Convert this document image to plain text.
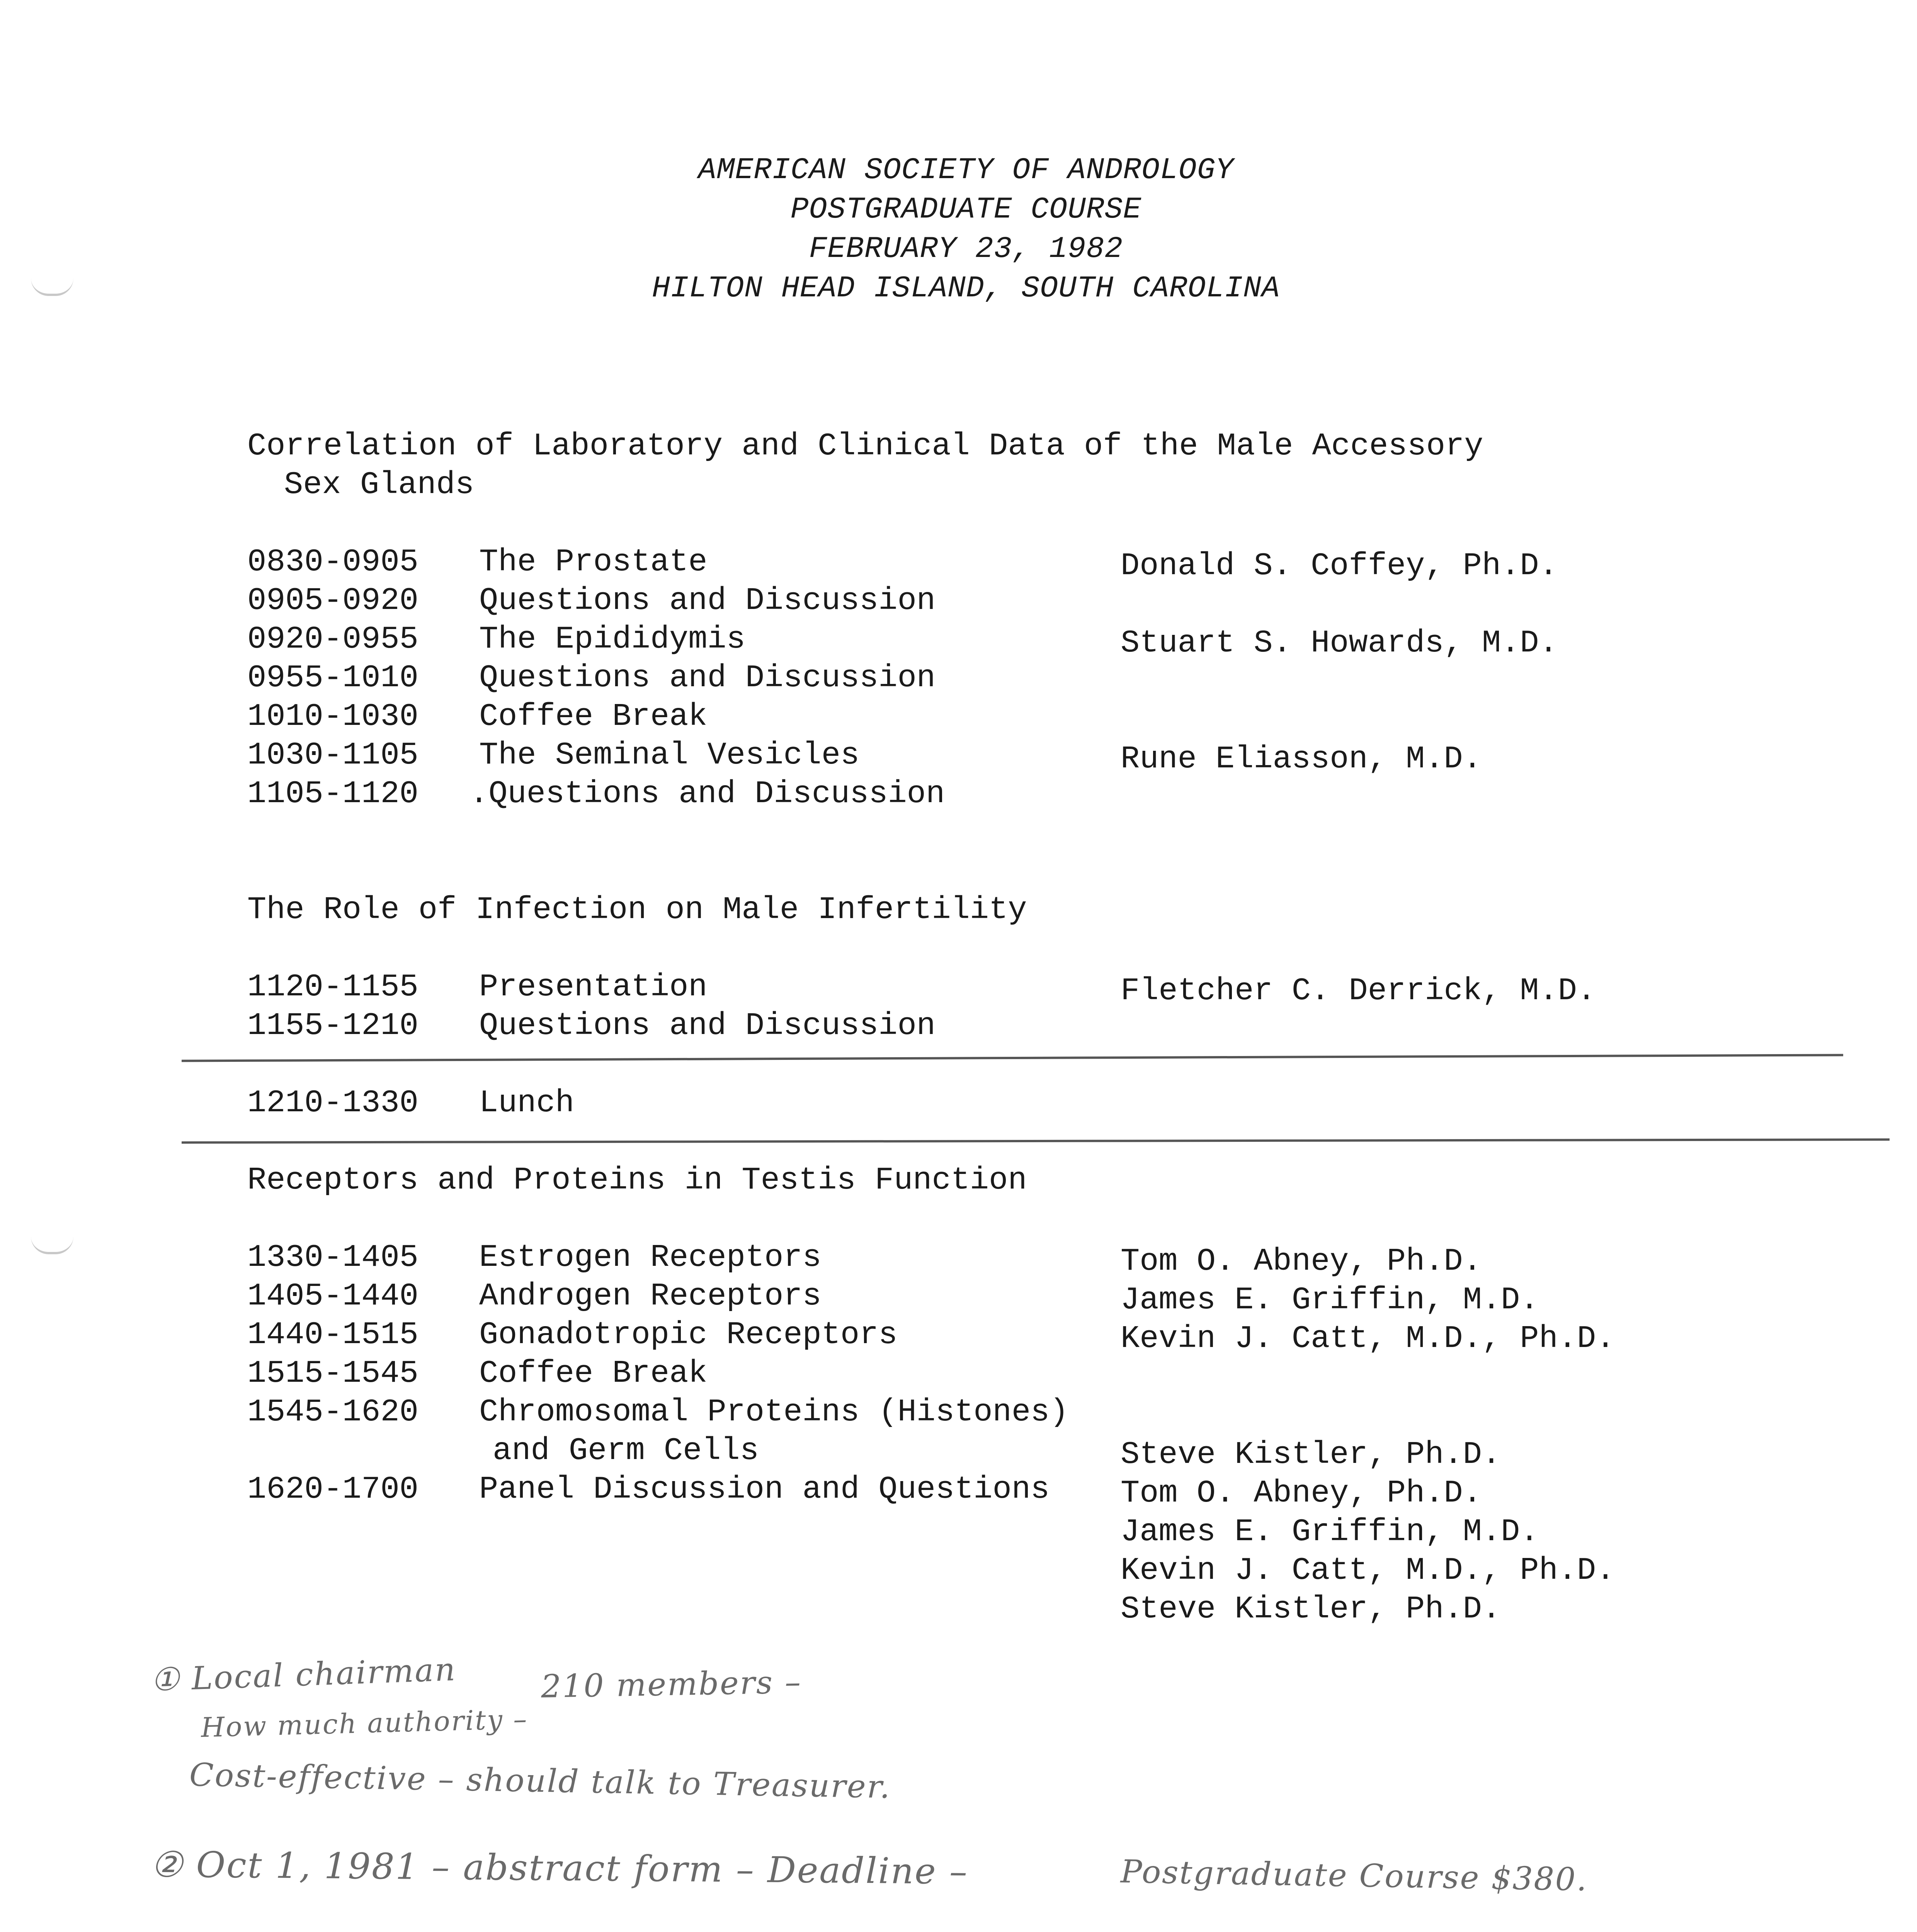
AMERICAN SOCIETY OF ANDROLOGY
POSTGRADUATE COURSE
FEBRUARY 23, 1982
HILTON HEAD ISLAND, SOUTH CAROLINA
Correlation of Laboratory and Clinical Data of the Male Accessory
Sex Glands
0830-0905 The Prostate	Donald S. Coffey, Ph.D.
0905-0920 Questions and Discussion
0920-0955 The Epididymis	Stuart S. Howards, M.D.
0955-1010 Questions and Discussion
1010-1030 Coffee Break
1030-1105 The Seminal Vesicles	Rune Eliasson, M.D.
1105-1120 .Questions and Discussion
The Role of Infection on Male Infertility
1120-1155 Presentation	Fletcher C. Derrick, M.D.
1155-1210 Questions and Discussion
1210-1330 Lunch
Receptors and Proteins in Testis Function
1330-1405 Estrogen Receptors	Tom O. Abney, Ph.D.
1405-1440 Androgen Receptors	James E. Griffin, M.D.
1440-1515 Gonadotropic Receptors	Kevin J. Catt, M.D., Ph.D.
1515-1545 Coffee Break
1545-1620 Chromosomal Proteins (Histones)
and Germ Cells	Steve Kistler, Ph.D.
1620-1700 Panel Discussion and Questions Tom O. Abney, Ph.D.
James E. Griffin, M.D.
Kevin J. Catt, M.D., Ph.D.
Steve Kistler, Ph.D.
① Local chairman	210 members –
How much authority –
Cost-effective – should talk to Treasurer.
② Oct 1, 1981 – abstract form – Deadline –	Postgraduate Course $380.
